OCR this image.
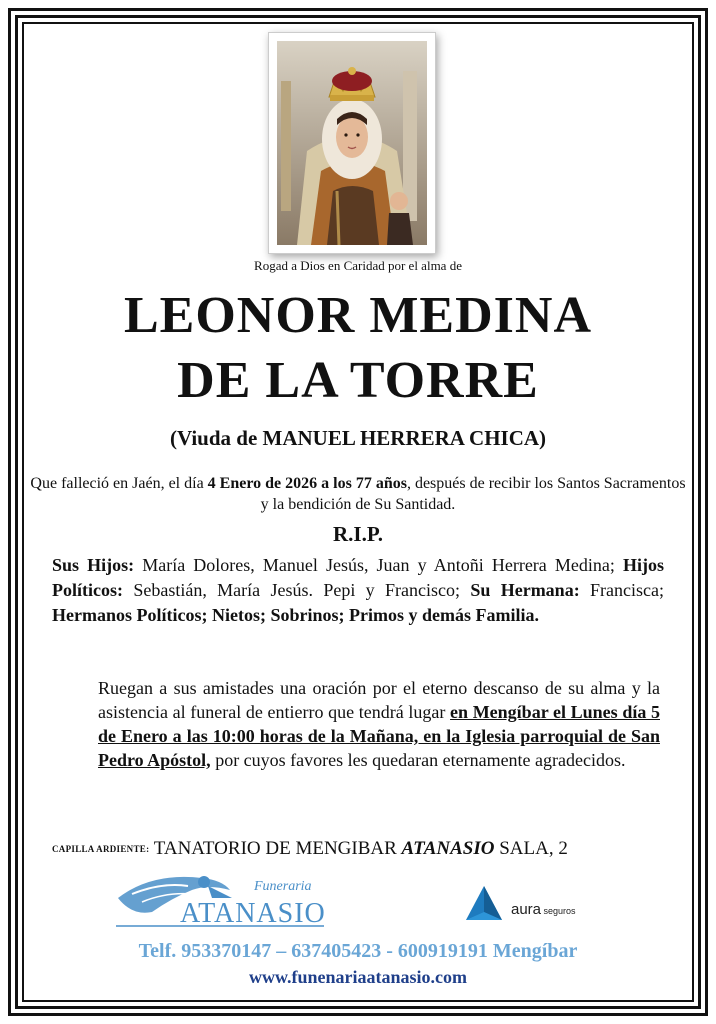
Rogad a Dios en Caridad por el alma de
LEONOR MEDINA
DE LA TORRE
(Viuda de MANUEL HERRERA CHICA)
Que falleció en Jaén, el día 4 Enero de 2026 a los 77 años, después de recibir los Santos Sacramentos y la bendición de Su Santidad.
R.I.P.
Sus Hijos: María Dolores, Manuel Jesús, Juan y Antoñi Herrera Medina; Hijos Políticos: Sebastián, María Jesús. Pepi y Francisco; Su Hermana: Francisca; Hermanos Políticos; Nietos; Sobrinos; Primos y demás Familia.
Ruegan a sus amistades una oración por el eterno descanso de su alma y la asistencia al funeral de entierro que tendrá lugar en Mengíbar el Lunes día 5 de Enero a las 10:00 horas de la Mañana, en la Iglesia parroquial de San Pedro Apóstol, por cuyos favores les quedaran eternamente agradecidos.
CAPILLA ARDIENTE: TANATORIO DE MENGIBAR ATANASIO SALA, 2
Funeraria
ATANASIO	aura seguros
Telf. 953370147 – 637405423 - 600919191 Mengíbar
www.funenariaatanasio.com
